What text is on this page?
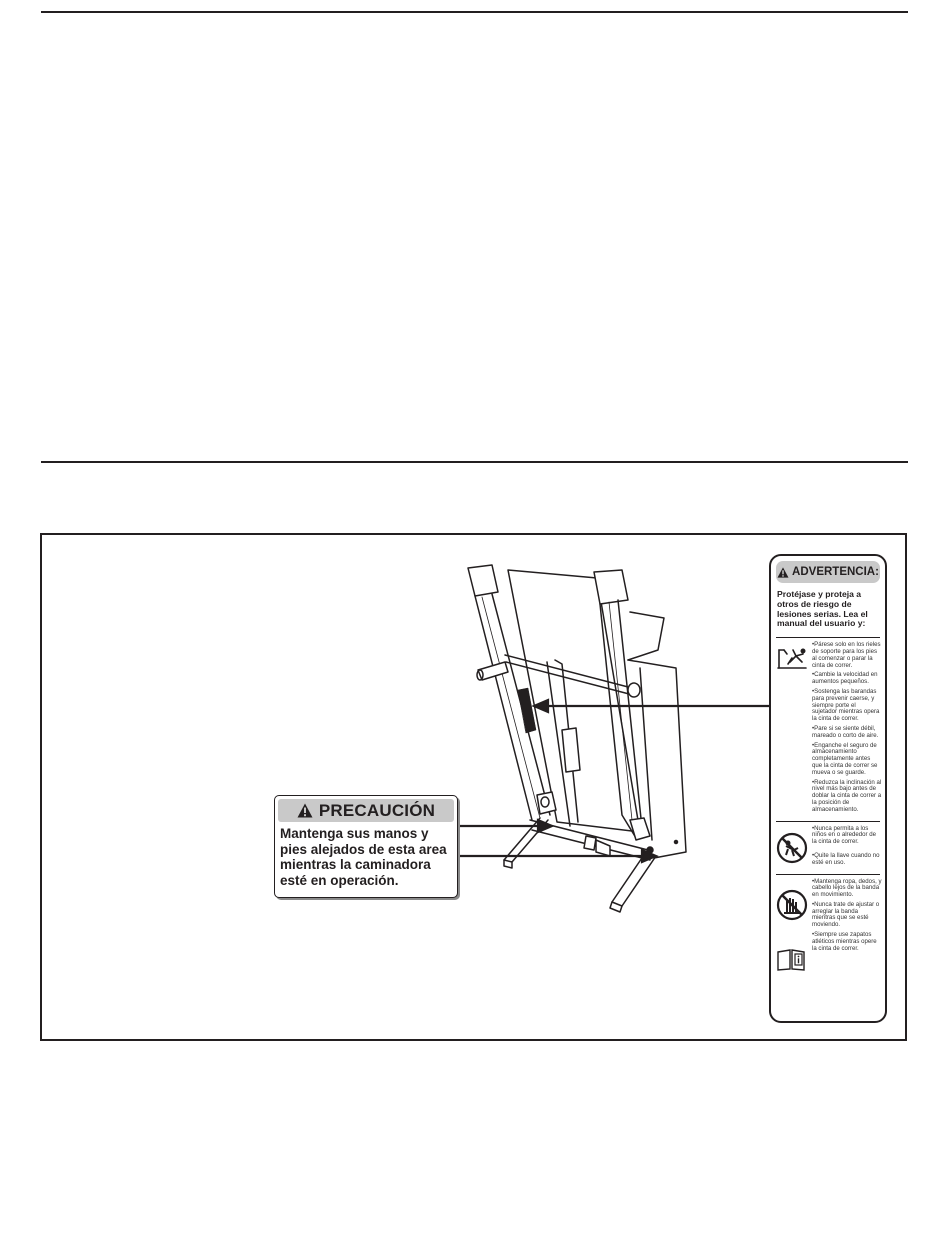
PRECAUCIÓN
Mantenga sus manos y pies alejados de esta area mientras la caminadora esté en operación.
ADVERTENCIA:
Protéjase y proteja a otros de riesgo de lesiones serias. Lea el manual del usuario y:

• Párese solo en los rieles de soporte para los pies al comenzar o parar la cinta de correr.

• Cambie la velocidad en aumentos pequeños.

• Sostenga las barandas para prevenir caerse, y siempre porte el sujetador mientras opera la cinta de correr.

• Pare si se siente débil, mareado o corto de aire.

• Enganche el seguro de almacenamiento completamente antes que la cinta de correr se mueva o se guarde.

• Reduzca la inclinación al nivel más bajo antes de doblar la cinta de correr a la posición de almacenamiento.

• Nunca permita a los niños en o alrededor de la cinta de correr.

• Quite la llave cuando no esté en uso.

• Mantenga ropa, dedos, y cabello lejos de la banda en movimiento.

• Nunca trate de ajustar o arreglar la banda mientras que se esté moviendo.

• Siempre use zapatos atléticos mientras opere la cinta de correr.
